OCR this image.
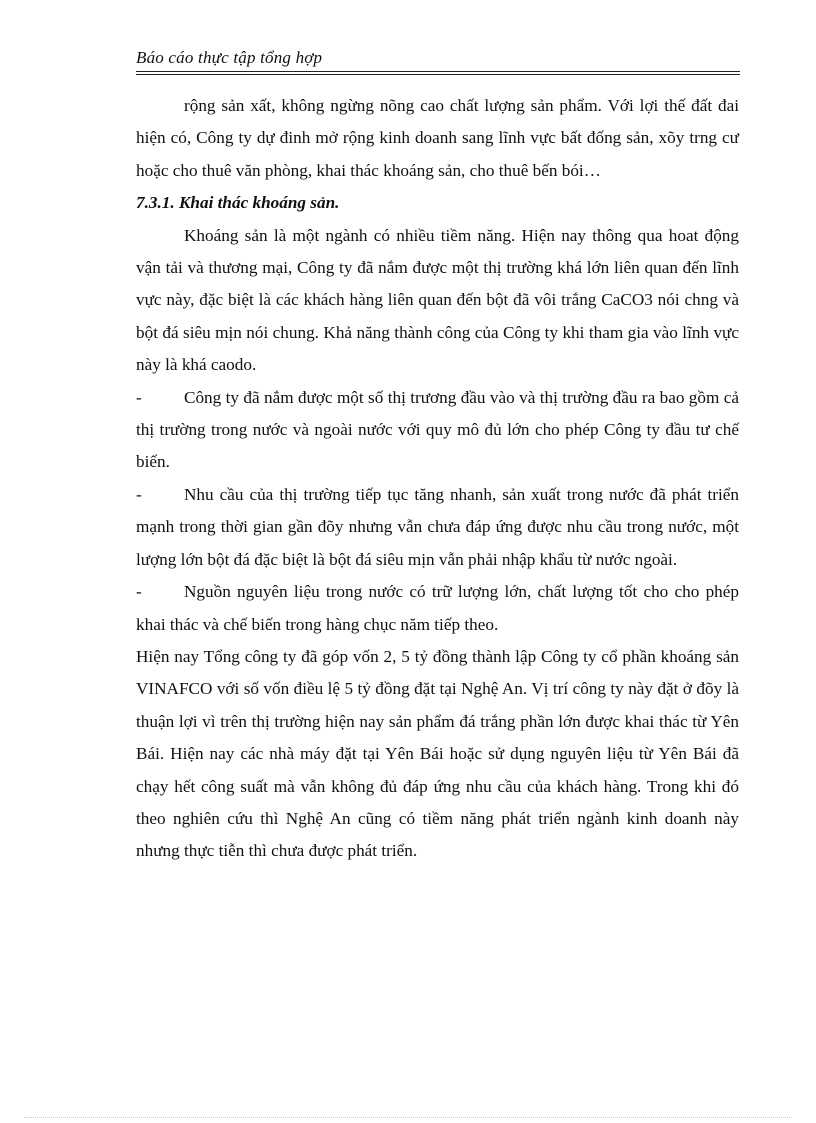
Báo cáo thực tập tổng hợp

rộng sản xất, không ngừng nõng cao chất lượng sản phẩm. Với lợi thế đất đai hiện có, Công ty dự đinh mở rộng kinh doanh sang lĩnh vực bất đống sản, xõy trng cư hoặc cho thuê văn phòng, khai thác khoáng sản, cho thuê bến bói…

7.3.1. Khai thác khoáng sản.

Khoáng sản là một ngành có nhiều tiềm năng. Hiện nay thông qua hoat động vận tải và thương mại, Công ty đã nắm được một thị trường khá lớn liên quan đến lĩnh vực này, đặc biệt là các khách hàng liên quan đến bột đã vôi trắng CaCO3 nói chng và bột đá siêu mịn nói chung. Khả năng thành công của Công ty khi tham gia vào lĩnh vực này là khá caodo.

- Công ty đã nắm được một số thị trương đầu vào và thị trường đầu ra bao gồm cả thị trường trong nước và ngoài nước với quy mô đủ lớn cho phép Công ty đầu tư chế biến.

- Nhu cầu của thị trường tiếp tục tăng nhanh, sản xuất trong nước đã phát triển mạnh trong thời gian gần đõy nhưng vẫn chưa đáp ứng được nhu cầu trong nước, một lượng lớn bột đá đặc biệt là bột đá siêu mịn vẫn phải nhập khẩu từ nước ngoài.

- Nguồn nguyên liệu trong nước có trữ lượng lớn, chất lượng tốt cho cho phép khai thác và chế biến trong hàng chục năm tiếp theo.

Hiện nay Tổng công ty đã góp vốn 2, 5 tỷ đồng thành lập Công ty cổ phần khoáng sản VINAFCO với số vốn điều lệ 5 tỷ đồng đặt tại Nghệ An. Vị trí công ty này đặt ở đõy là thuận lợi vì trên thị trường hiện nay sản phẩm đá trắng phần lớn được khai thác từ Yên Bái. Hiện nay các nhà máy đặt tại Yên Bái hoặc sử dụng nguyên liệu từ Yên Bái đã chạy hết công suất mà vẫn không đủ đáp ứng nhu cầu của khách hàng. Trong khi đó theo nghiên cứu thì Nghệ An cũng có tiềm năng phát triển ngành kinh doanh này nhưng thực tiễn thì chưa được phát triển.
